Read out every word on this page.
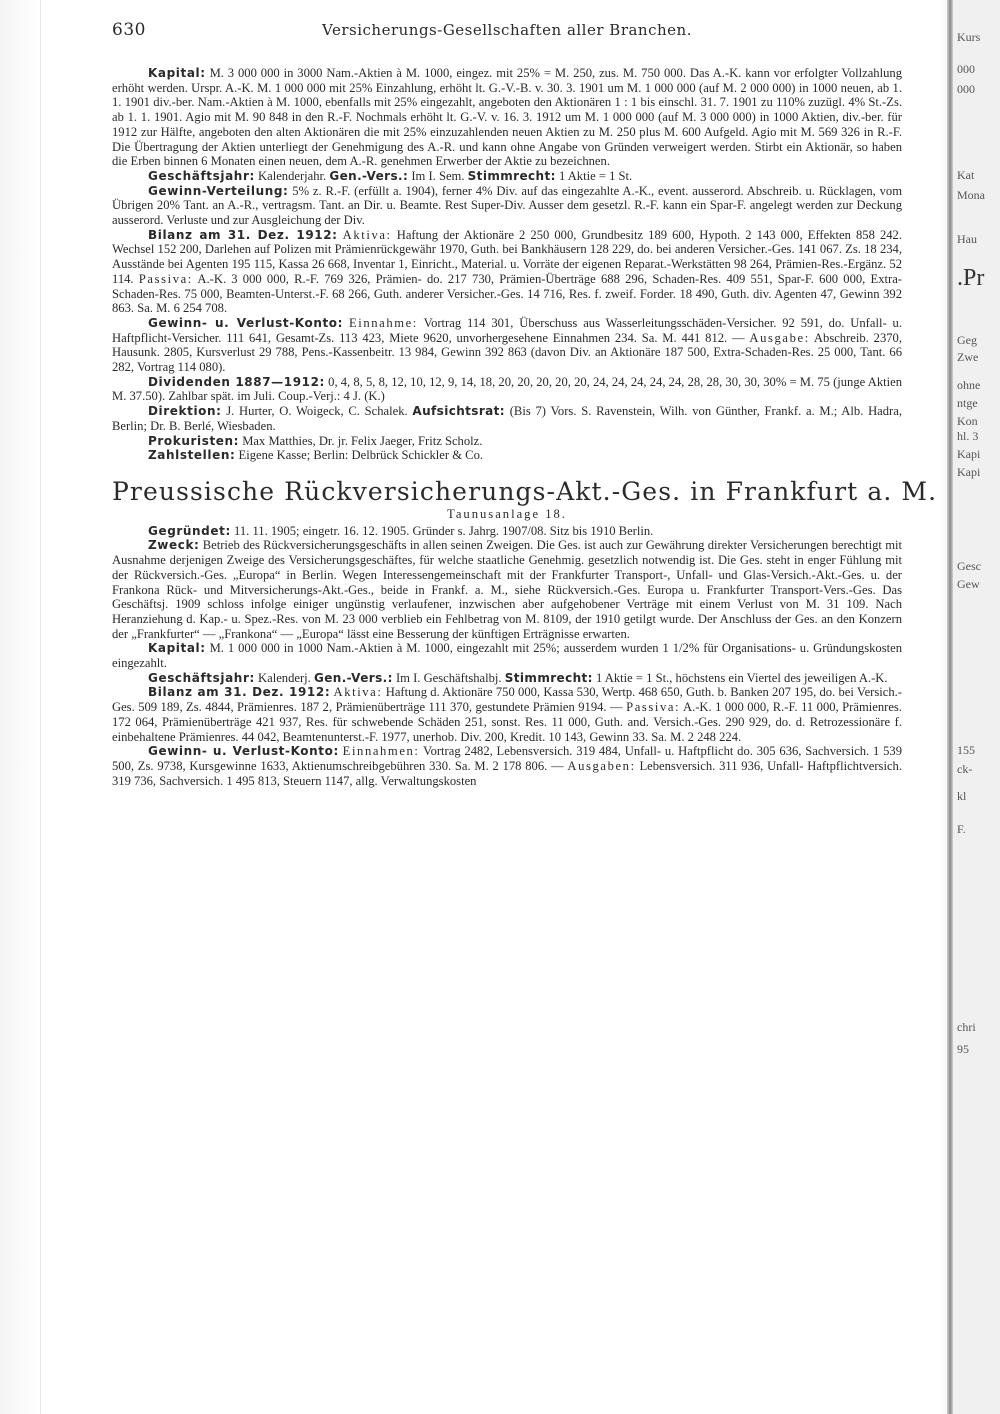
630	Versicherungs-Gesellschaften aller Branchen.
Kapital: M. 3 000 000 in 3000 Nam.-Aktien à M. 1000, eingez. mit 25% = M. 250, zus. M. 750 000. Das A.-K. kann vor erfolgter Vollzahlung erhöht werden. Urspr. A.-K. M. 1 000 000 mit 25% Einzahlung, erhöht lt. G.-V.-B. v. 30. 3. 1901 um M. 1 000 000 (auf M. 2 000 000) in 1000 neuen, ab 1. 1. 1901 div.-ber. Nam.-Aktien à M. 1000, ebenfalls mit 25% eingezahlt, angeboten den Aktionären 1 : 1 bis einschl. 31. 7. 1901 zu 110% zuzügl. 4% St.-Zs. ab 1. 1. 1901. Agio mit M. 90 848 in den R.-F. Nochmals erhöht lt. G.-V. v. 16. 3. 1912 um M. 1 000 000 (auf M. 3 000 000) in 1000 Aktien, div.-ber. für 1912 zur Hälfte, angeboten den alten Aktionären die mit 25% einzuzahlenden neuen Aktien zu M. 250 plus M. 600 Aufgeld. Agio mit M. 569 326 in R.-F. Die Übertragung der Aktien unterliegt der Genehmigung des A.-R. und kann ohne Angabe von Gründen verweigert werden. Stirbt ein Aktionär, so haben die Erben binnen 6 Monaten einen neuen, dem A.-R. genehmen Erwerber der Aktie zu bezeichnen.
Geschäftsjahr: Kalenderjahr. Gen.-Vers.: Im I. Sem. Stimmrecht: 1 Aktie = 1 St.
Gewinn-Verteilung: 5% z. R.-F. (erfüllt a. 1904), ferner 4% Div. auf das eingezahlte A.-K., event. ausserord. Abschreib. u. Rücklagen, vom Übrigen 20% Tant. an A.-R., vertragsm. Tant. an Dir. u. Beamte. Rest Super-Div. Ausser dem gesetzl. R.-F. kann ein Spar-F. angelegt werden zur Deckung ausserord. Verluste und zur Ausgleichung der Div.
Bilanz am 31. Dez. 1912: Aktiva: Haftung der Aktionäre 2 250 000, Grundbesitz 189 600, Hypoth. 2 143 000, Effekten 858 242. Wechsel 152 200, Darlehen auf Polizen mit Prämienrückgewähr 1970, Guth. bei Bankhäusern 128 229, do. bei anderen Versicher.-Ges. 141 067. Zs. 18 234, Ausstände bei Agenten 195 115, Kassa 26 668, Inventar 1, Einricht., Material. u. Vorräte der eigenen Reparat.-Werkstätten 98 264, Prämien-Res.-Ergänz. 52 114. Passiva: A.-K. 3 000 000, R.-F. 769 326, Prämien- do. 217 730, Prämien-Überträge 688 296, Schaden-Res. 409 551, Spar-F. 600 000, Extra-Schaden-Res. 75 000, Beamten-Unterst.-F. 68 266, Guth. anderer Versicher.-Ges. 14 716, Res. f. zweif. Forder. 18 490, Guth. div. Agenten 47, Gewinn 392 863. Sa. M. 6 254 708.
Gewinn- u. Verlust-Konto: Einnahme: Vortrag 114 301, Überschuss aus Wasserleitungsschäden-Versicher. 92 591, do. Unfall- u. Haftpflicht-Versicher. 111 641, Gesamt-Zs. 113 423, Miete 9620, unvorhergesehene Einnahmen 234. Sa. M. 441 812. — Ausgabe: Abschreib. 2370, Hausunk. 2805, Kursverlust 29 788, Pens.-Kassenbeitr. 13 984, Gewinn 392 863 (davon Div. an Aktionäre 187 500, Extra-Schaden-Res. 25 000, Tant. 66 282, Vortrag 114 080).
Dividenden 1887—1912: 0, 4, 8, 5, 8, 12, 10, 12, 9, 14, 18, 20, 20, 20, 20, 20, 24, 24, 24, 24, 24, 28, 28, 30, 30, 30% = M. 75 (junge Aktien M. 37.50). Zahlbar spät. im Juli. Coup.-Verj.: 4 J. (K.)
Direktion: J. Hurter, O. Woigeck, C. Schalek. Aufsichtsrat: (Bis 7) Vors. S. Ravenstein, Wilh. von Günther, Frankf. a. M.; Alb. Hadra, Berlin; Dr. B. Berlé, Wiesbaden.
Prokuristen: Max Matthies, Dr. jr. Felix Jaeger, Fritz Scholz.
Zahlstellen: Eigene Kasse; Berlin: Delbrück Schickler & Co.
Preussische Rückversicherungs-Akt.-Ges. in Frankfurt a. M.
Taunusanlage 18.
Gegründet: 11. 11. 1905; eingetr. 16. 12. 1905. Gründer s. Jahrg. 1907/08. Sitz bis 1910 Berlin.
Zweck: Betrieb des Rückversicherungsgeschäfts in allen seinen Zweigen. Die Ges. ist auch zur Gewährung direkter Versicherungen berechtigt mit Ausnahme derjenigen Zweige des Versicherungsgeschäftes, für welche staatliche Genehmig. gesetzlich notwendig ist. Die Ges. steht in enger Fühlung mit der Rückversich.-Ges. „Europa“ in Berlin. Wegen Interessengemeinschaft mit der Frankfurter Transport-, Unfall- und Glas-Versich.-Akt.-Ges. u. der Frankona Rück- und Mitversicherungs-Akt.-Ges., beide in Frankf. a. M., siehe Rückversich.-Ges. Europa u. Frankfurter Transport-Vers.-Ges. Das Geschäftsj. 1909 schloss infolge einiger ungünstig verlaufener, inzwischen aber aufgehobener Verträge mit einem Verlust von M. 31 109. Nach Heranziehung d. Kap.- u. Spez.-Res. von M. 23 000 verblieb ein Fehlbetrag von M. 8109, der 1910 getilgt wurde. Der Anschluss der Ges. an den Konzern der „Frankfurter“ — „Frankona“ — „Europa“ lässt eine Besserung der künftigen Erträgnisse erwarten.
Kapital: M. 1 000 000 in 1000 Nam.-Aktien à M. 1000, eingezahlt mit 25%; ausserdem wurden 1 1/2% für Organisations- u. Gründungskosten eingezahlt.
Geschäftsjahr: Kalenderj. Gen.-Vers.: Im I. Geschäftshalbj. Stimmrecht: 1 Aktie = 1 St., höchstens ein Viertel des jeweiligen A.-K.
Bilanz am 31. Dez. 1912: Aktiva: Haftung d. Aktionäre 750 000, Kassa 530, Wertp. 468 650, Guth. b. Banken 207 195, do. bei Versich.-Ges. 509 189, Zs. 4844, Prämienres. 187 2, Prämienüberträge 111 370, gestundete Prämien 9194. — Passiva: A.-K. 1 000 000, R.-F. 11 000, Prämienres. 172 064, Prämienüberträge 421 937, Res. für schwebende Schäden 251, sonst. Res. 11 000, Guth. and. Versich.-Ges. 290 929, do. d. Retrozessionäre f. einbehaltene Prämienres. 44 042, Beamtenunterst.-F. 1977, unerhob. Div. 200, Kredit. 10 143, Gewinn 33. Sa. M. 2 248 224.
Gewinn- u. Verlust-Konto: Einnahmen: Vortrag 2482, Lebensversich. 319 484, Unfall- u. Haftpflicht do. 305 636, Sachversich. 1 539 500, Zs. 9738, Kursgewinne 1633, Aktienumschreibgebühren 330. Sa. M. 2 178 806. — Ausgaben: Lebensversich. 311 936, Unfall- Haftpflichtversich. 319 736, Sachversich. 1 495 813, Steuern 1147, allg. Verwaltungskosten
Kurs
000
000
Kat
Mona
Hau
.Pr
Geg
Zwe
ohne
ntge
Kon
hl. 3
Kapi
Kapi
Gesc
Gew
155
ck-
kl
F.
chri
95
